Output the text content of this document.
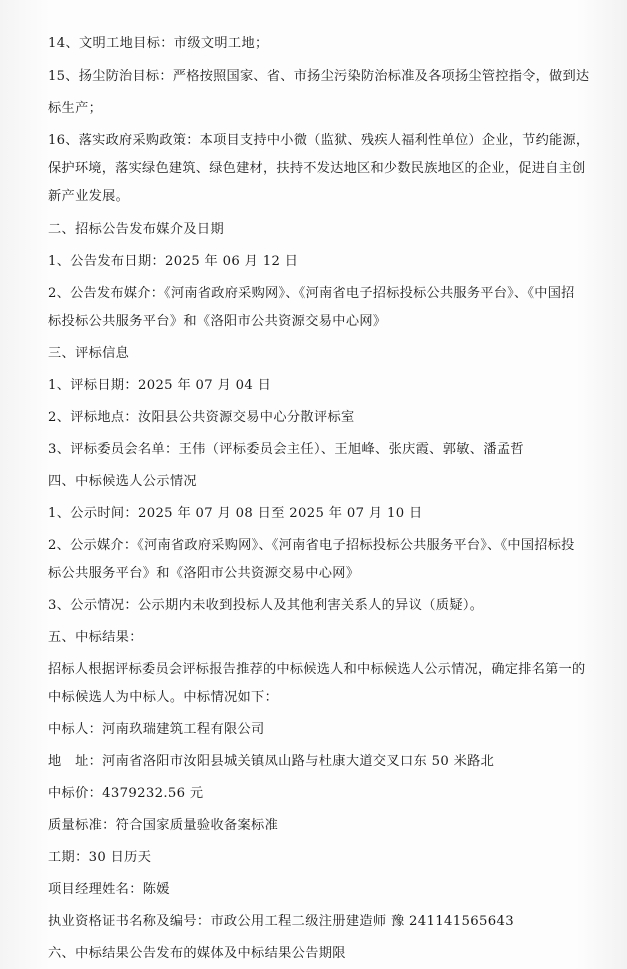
14、文明工地目标：市级文明工地；
15、扬尘防治目标：严格按照国家、省、市扬尘污染防治标准及各项扬尘管控指令，做到达
标生产；
16、落实政府采购政策：本项目支持中小微（监狱、残疾人福利性单位）企业，节约能源，
保护环境，落实绿色建筑、绿色建材，扶持不发达地区和少数民族地区的企业，促进自主创
新产业发展。
二、招标公告发布媒介及日期
1、公告发布日期：2025 年 06 月 12 日
2、公告发布媒介：《河南省政府采购网》、《河南省电子招标投标公共服务平台》、《中国招
标投标公共服务平台》和《洛阳市公共资源交易中心网》
三、评标信息
1、评标日期：2025 年 07 月 04 日
2、评标地点：汝阳县公共资源交易中心分散评标室
3、评标委员会名单：王伟（评标委员会主任）、王旭峰、张庆霞、郭敏、潘孟哲
四、中标候选人公示情况
1、公示时间：2025 年 07 月 08 日至 2025 年 07 月 10 日
2、公示媒介：《河南省政府采购网》、《河南省电子招标投标公共服务平台》、《中国招标投
标公共服务平台》和《洛阳市公共资源交易中心网》
3、公示情况：公示期内未收到投标人及其他利害关系人的异议（质疑）。
五、中标结果：
招标人根据评标委员会评标报告推荐的中标候选人和中标候选人公示情况，确定排名第一的
中标候选人为中标人。中标情况如下：
中标人：河南玖瑞建筑工程有限公司
地　址：河南省洛阳市汝阳县城关镇凤山路与杜康大道交叉口东 50 米路北
中标价：4379232.56 元
质量标准：符合国家质量验收备案标准
工期：30 日历天
项目经理姓名：陈媛
执业资格证书名称及编号：市政公用工程二级注册建造师 豫 241141565643
六、中标结果公告发布的媒体及中标结果公告期限
